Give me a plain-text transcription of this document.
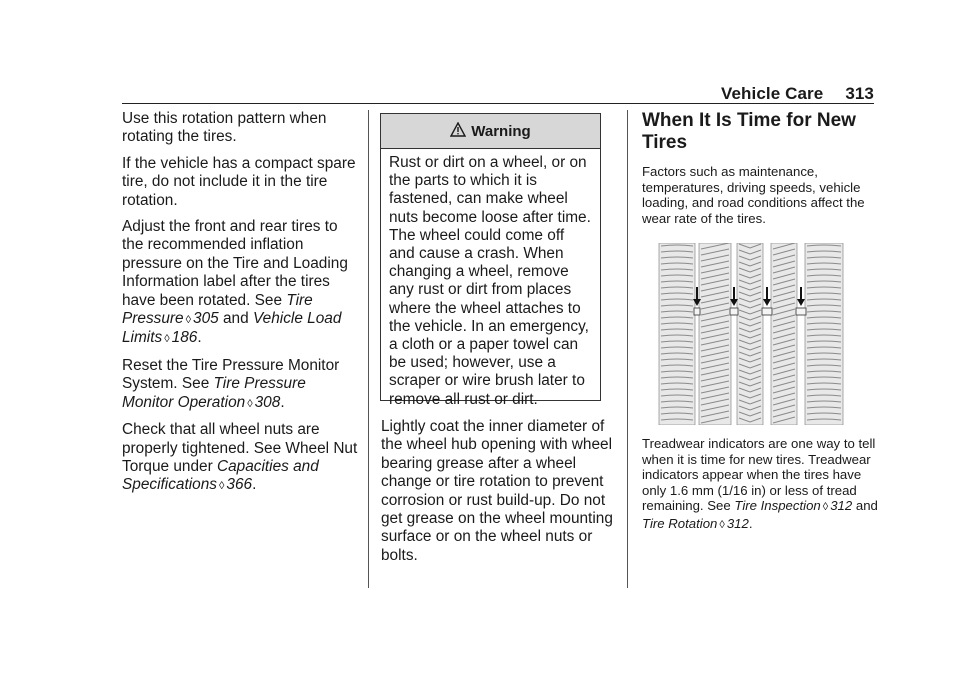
Vehicle Care 313

Use this rotation pattern when rotating the tires.

If the vehicle has a compact spare tire, do not include it in the tire rotation.

Adjust the front and rear tires to the recommended inflation pressure on the Tire and Loading Information label after the tires have been rotated. See Tire Pressure ◊ 305 and Vehicle Load Limits ◊ 186.

Reset the Tire Pressure Monitor System. See Tire Pressure Monitor Operation ◊ 308.

Check that all wheel nuts are properly tightened. See Wheel Nut Torque under Capacities and Specifications ◊ 366.

Warning
Rust or dirt on a wheel, or on the parts to which it is fastened, can make wheel nuts become loose after time. The wheel could come off and cause a crash. When changing a wheel, remove any rust or dirt from places where the wheel attaches to the vehicle. In an emergency, a cloth or a paper towel can be used; however, use a scraper or wire brush later to remove all rust or dirt.

Lightly coat the inner diameter of the wheel hub opening with wheel bearing grease after a wheel change or tire rotation to prevent corrosion or rust build-up. Do not get grease on the wheel mounting surface or on the wheel nuts or bolts.

When It Is Time for New Tires

Factors such as maintenance, temperatures, driving speeds, vehicle loading, and road conditions affect the wear rate of the tires.

Treadwear indicators are one way to tell when it is time for new tires. Treadwear indicators appear when the tires have only 1.6 mm (1/16 in) or less of tread remaining. See Tire Inspection ◊ 312 and
Tire Rotation ◊ 312.
